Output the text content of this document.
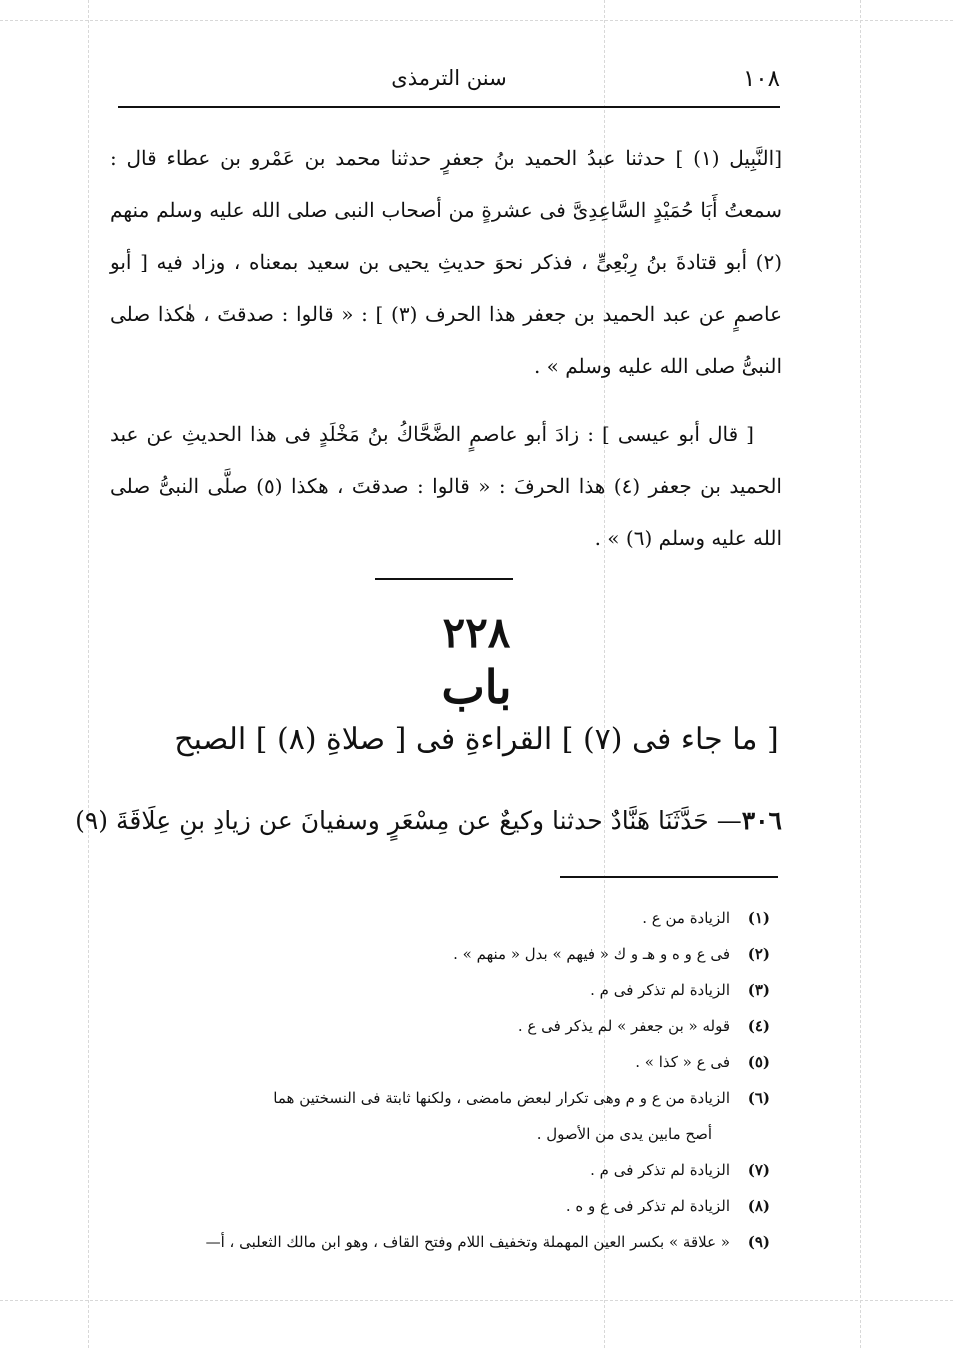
١٠٨
سنن الترمذى
[النَّبِيل (١) ] حدثنا عبدُ الحميد بنُ جعفرٍ حدثنا محمد بن عَمْرو بن عطاء قال : سمعتُ أَبَا حُمَيْدٍ السَّاعِدِىَّ فى عشرةٍ من أصحاب النبى صلى الله عليه وسلم منهم (٢) أبو قتادةَ بنُ رِبْعِىٍّ ، فذكر نحوَ حديثِ يحيى بن سعيد بمعناه ، وزاد فيه [ أبو عاصمٍ عن عبد الحميد بن جعفر هذا الحرف (٣) ] : « قالوا : صدقتَ ، هٰكذا صلى النبىُّ صلى الله عليه وسلم » .
[ قال أبو عيسى ] : زادَ أبو عاصمٍ الضَّحَّاكُ بنُ مَخْلَدٍ فى هذا الحديثِ عن عبد الحميد بن جعفر (٤) هذا الحرفَ : « قالوا : صدقتَ ، هكذا (٥) صلَّى النبىُّ صلى الله عليه وسلم (٦) » .
٢٢٨
باب
[ ما جاء فى (٧) ] القراءةِ فى [ صلاةِ (٨) ] الصبح
٣٠٦— حَدَّثَنَا هَنَّادٌ حدثنا وكيعٌ عن مِسْعَرٍ وسفيانَ عن زيادِ بنِ عِلَاقَةَ (٩)
(١)
الزيادة من ع .
(٢)
فى ع و ه و هـ و ك « فيهم » بدل « منهم » .
(٣)
الزيادة لم تذكر فى م .
(٤)
قوله « بن جعفر » لم يذكر فى ع .
(٥)
فى ع « كذا » .
(٦)
الزيادة من ع و م وهى تكرار لبعض مامضى ، ولكنها ثابتة فى النسختين هما
أصح مابين يدى من الأصول .
(٧)
الزيادة لم تذكر فى م .
(٨)
الزيادة لم تذكر فى ع و ه .
(٩)
« علاقة » بكسر العين المهملة وتخفيف اللام وفتح القاف ، وهو ابن مالك الثعلبى ، أ—
